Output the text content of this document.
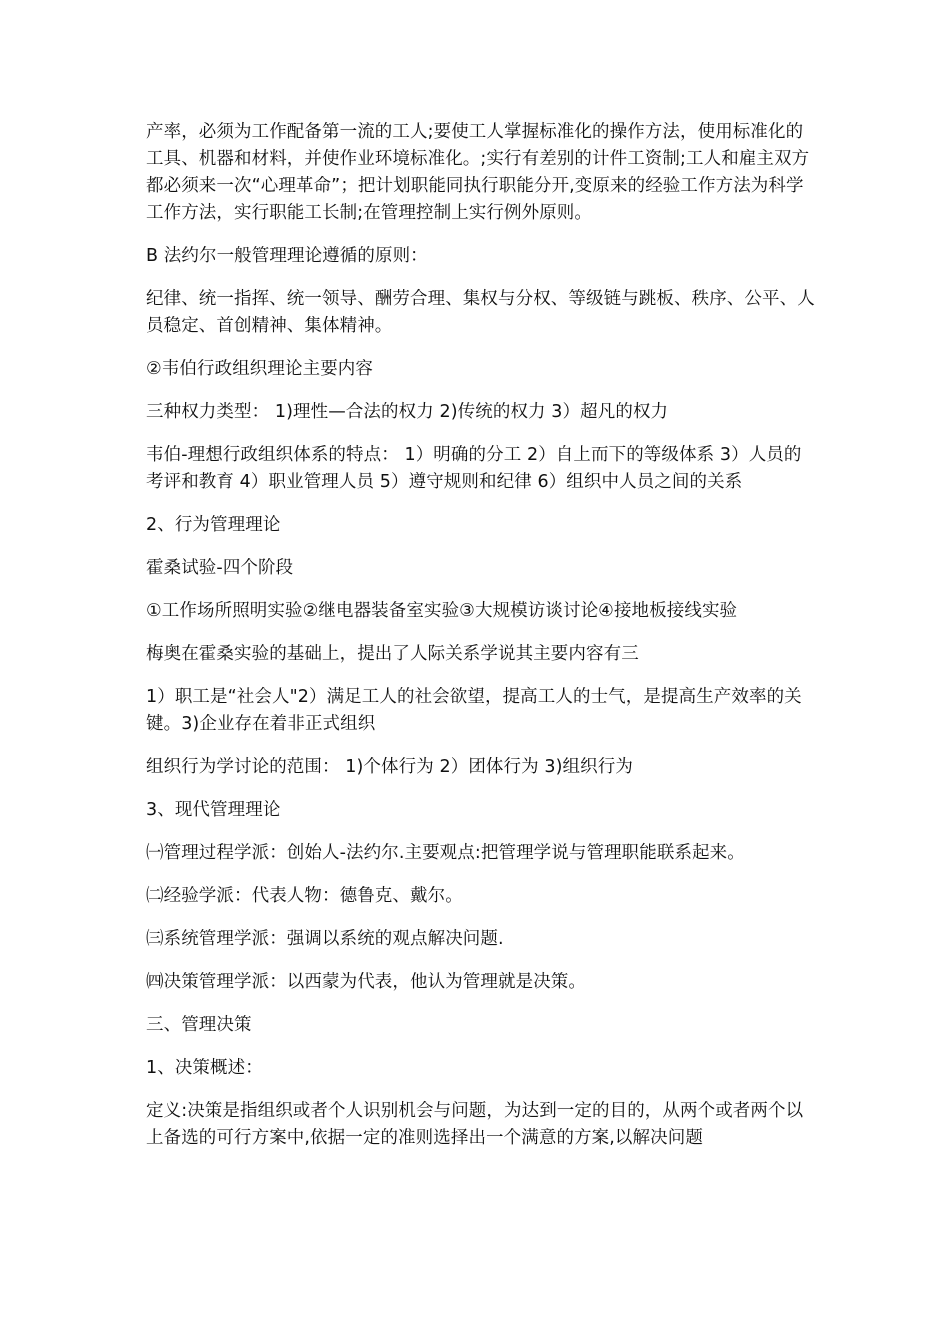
产率，必须为工作配备第一流的工人;要使工人掌握标准化的操作方法，使用标准化的工具、机器和材料，并使作业环境标准化。;实行有差别的计件工资制;工人和雇主双方都必须来一次“心理革命”；把计划职能同执行职能分开,变原来的经验工作方法为科学工作方法，实行职能工长制;在管理控制上实行例外原则。

B 法约尔一般管理理论遵循的原则：

纪律、统一指挥、统一领导、酬劳合理、集权与分权、等级链与跳板、秩序、公平、人员稳定、首创精神、集体精神。

②韦伯行政组织理论主要内容

三种权力类型： 1)理性—合法的权力 2)传统的权力 3）超凡的权力

韦伯-理想行政组织体系的特点： 1）明确的分工 2）自上而下的等级体系 3）人员的考评和教育 4）职业管理人员 5）遵守规则和纪律 6）组织中人员之间的关系

2、行为管理理论

霍桑试验-四个阶段

①工作场所照明实验②继电器装备室实验③大规模访谈讨论④接地板接线实验

梅奥在霍桑实验的基础上，提出了人际关系学说其主要内容有三

1）职工是“社会人"2）满足工人的社会欲望，提高工人的士气，是提高生产效率的关键。3)企业存在着非正式组织

组织行为学讨论的范围： 1)个体行为 2）团体行为 3)组织行为

3、现代管理理论

㈠管理过程学派：创始人-法约尔.主要观点:把管理学说与管理职能联系起来。

㈡经验学派：代表人物：德鲁克、戴尔。

㈢系统管理学派：强调以系统的观点解决问题.

㈣决策管理学派：以西蒙为代表，他认为管理就是决策。

三、管理决策

1、决策概述：

定义:决策是指组织或者个人识别机会与问题，为达到一定的目的，从两个或者两个以上备选的可行方案中,依据一定的准则选择出一个满意的方案,以解决问题
